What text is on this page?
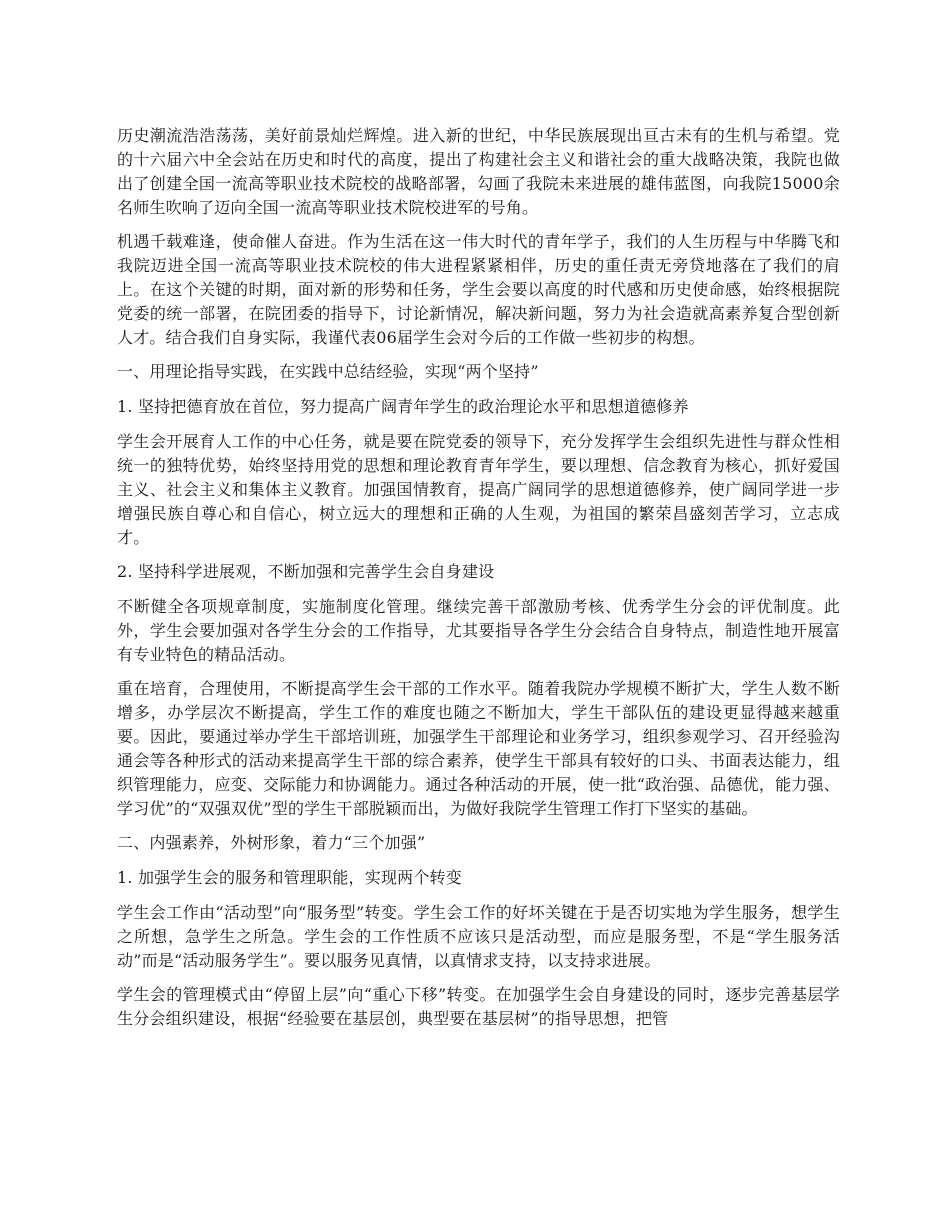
历史潮流浩浩荡荡，美好前景灿烂辉煌。进入新的世纪，中华民族展现出亘古未有的生机与希望。党的十六届六中全会站在历史和时代的高度，提出了构建社会主义和谐社会的重大战略决策，我院也做出了创建全国一流高等职业技术院校的战略部署，勾画了我院未来进展的雄伟蓝图，向我院15000余名师生吹响了迈向全国一流高等职业技术院校进军的号角。

机遇千载难逢，使命催人奋进。作为生活在这一伟大时代的青年学子，我们的人生历程与中华腾飞和我院迈进全国一流高等职业技术院校的伟大进程紧紧相伴，历史的重任责无旁贷地落在了我们的肩上。在这个关键的时期，面对新的形势和任务，学生会要以高度的时代感和历史使命感，始终根据院党委的统一部署，在院团委的指导下，讨论新情况，解决新问题，努力为社会造就高素养复合型创新人才。结合我们自身实际，我谨代表06届学生会对今后的工作做一些初步的构想。

一、用理论指导实践，在实践中总结经验，实现“两个坚持”

1. 坚持把德育放在首位，努力提高广阔青年学生的政治理论水平和思想道德修养

学生会开展育人工作的中心任务，就是要在院党委的领导下，充分发挥学生会组织先进性与群众性相统一的独特优势，始终坚持用党的思想和理论教育青年学生，要以理想、信念教育为核心，抓好爱国主义、社会主义和集体主义教育。加强国情教育，提高广阔同学的思想道德修养，使广阔同学进一步增强民族自尊心和自信心，树立远大的理想和正确的人生观，为祖国的繁荣昌盛刻苦学习，立志成才。

2. 坚持科学进展观，不断加强和完善学生会自身建设

不断健全各项规章制度，实施制度化管理。继续完善干部激励考核、优秀学生分会的评优制度。此外，学生会要加强对各学生分会的工作指导，尤其要指导各学生分会结合自身特点，制造性地开展富有专业特色的精品活动。

重在培育，合理使用，不断提高学生会干部的工作水平。随着我院办学规模不断扩大，学生人数不断增多，办学层次不断提高，学生工作的难度也随之不断加大，学生干部队伍的建设更显得越来越重要。因此，要通过举办学生干部培训班，加强学生干部理论和业务学习，组织参观学习、召开经验沟通会等各种形式的活动来提高学生干部的综合素养，使学生干部具有较好的口头、书面表达能力，组织管理能力，应变、交际能力和协调能力。通过各种活动的开展，使一批“政治强、品德优，能力强、学习优”的“双强双优”型的学生干部脱颖而出，为做好我院学生管理工作打下坚实的基础。

二、内强素养，外树形象，着力“三个加强”

1. 加强学生会的服务和管理职能，实现两个转变

学生会工作由“活动型”向“服务型”转变。学生会工作的好坏关键在于是否切实地为学生服务，想学生之所想，急学生之所急。学生会的工作性质不应该只是活动型，而应是服务型，不是“学生服务活动”而是“活动服务学生”。要以服务见真情，以真情求支持，以支持求进展。

学生会的管理模式由“停留上层”向“重心下移”转变。在加强学生会自身建设的同时，逐步完善基层学生分会组织建设，根据“经验要在基层创，典型要在基层树”的指导思想，把管
